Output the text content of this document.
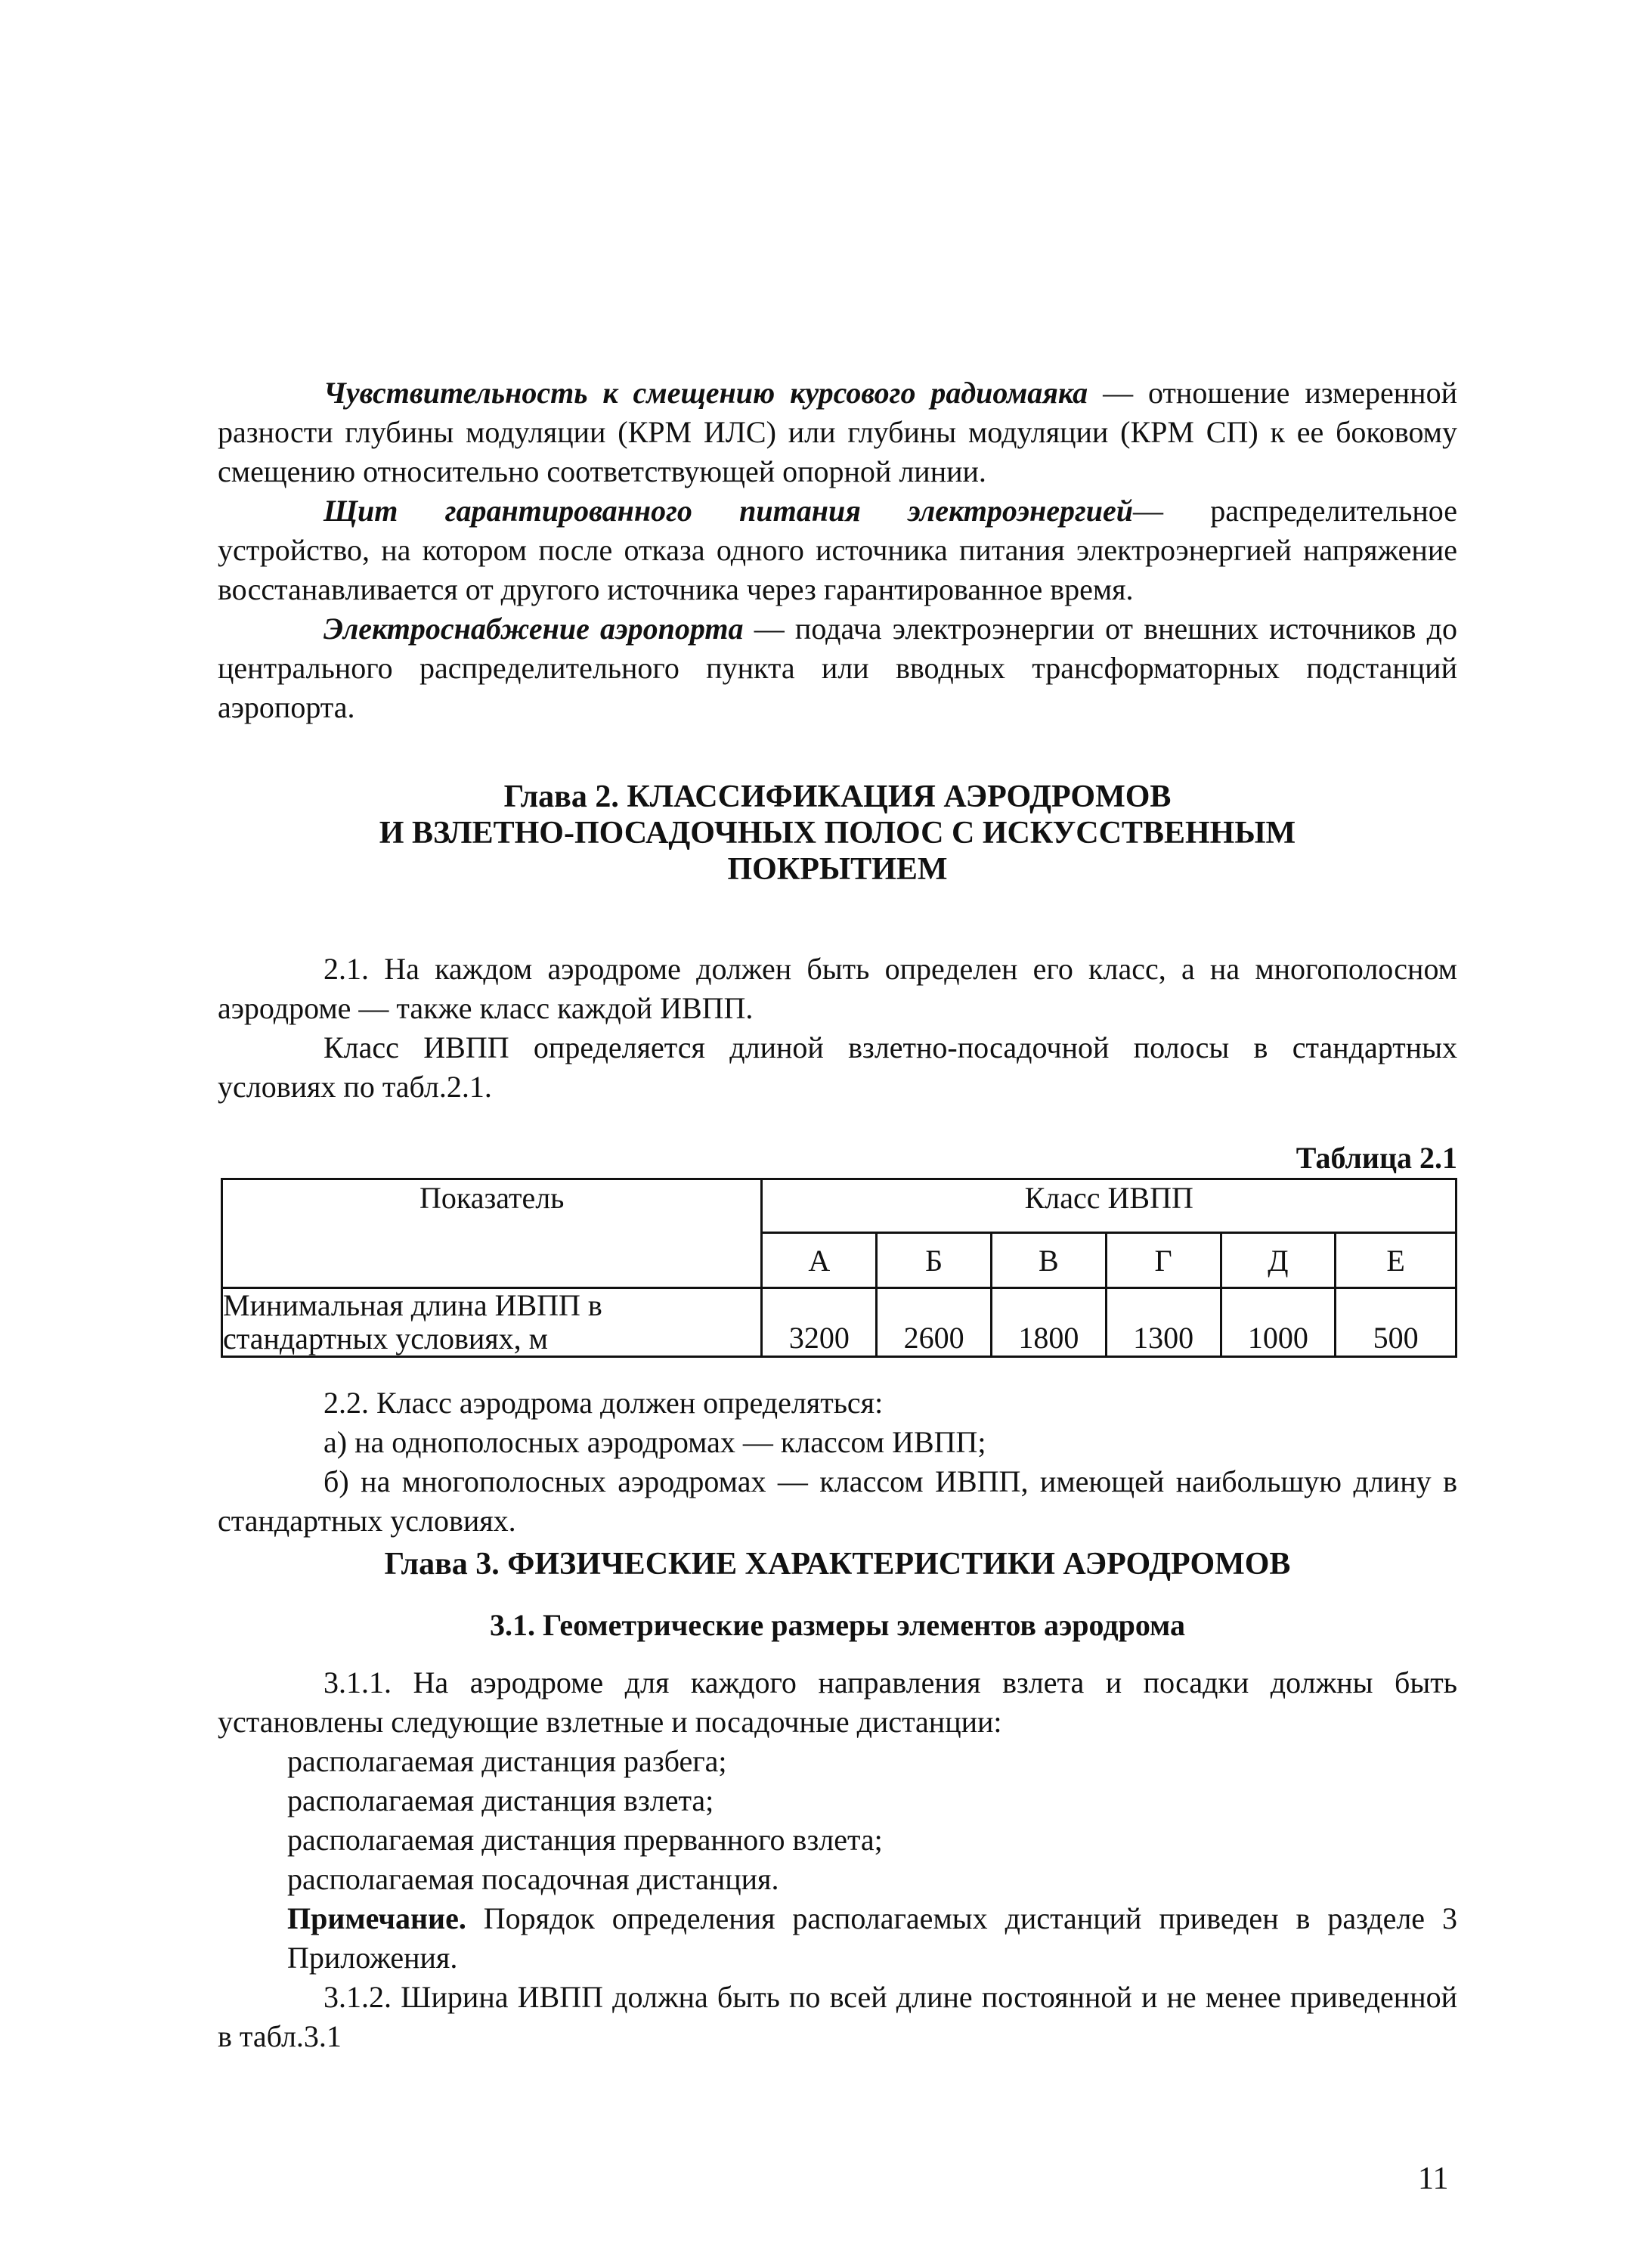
Чувствительность к смещению курсового радиомаяка — отношение измеренной разности глубины модуляции (КРМ ИЛС) или глубины модуляции (КРМ СП) к ее боковому смещению относительно соответствующей опорной линии.

Щит гарантированного питания электроэнергией— распределительное устройство, на котором после отказа одного источника питания электроэнергией напряжение восстанавливается от другого источника через гарантированное время.

Электроснабжение аэропорта — подача электроэнергии от внешних источников до центрального распределительного пункта или вводных трансформаторных подстанций аэропорта.

Глава 2. КЛАССИФИКАЦИЯ АЭРОДРОМОВ
И ВЗЛЕТНО-ПОСАДОЧНЫХ ПОЛОС С ИСКУССТВЕННЫМ
ПОКРЫТИЕМ

2.1. На каждом аэродроме должен быть определен его класс, а на многополосном аэродроме — также класс каждой ИВПП.

Класс ИВПП определяется длиной взлетно-посадочной полосы в стандартных условиях по табл.2.1.

Таблица 2.1
Показатель	Класс ИВПП					
	А	Б	В	Г	Д	Е

Минимальная длина ИВПП в
стандартных условиях, м	3200	2600	1800	1300	1000	500

2.2. Класс аэродрома должен определяться:

а) на однополосных аэродромах — классом ИВПП;

б) на многополосных аэродромах — классом ИВПП, имеющей наибольшую длину в стандартных условиях.

Глава 3. ФИЗИЧЕСКИЕ ХАРАКТЕРИСТИКИ АЭРОДРОМОВ
3.1. Геометрические размеры элементов аэродрома

3.1.1. На аэродроме для каждого направления взлета и посадки должны быть установлены следующие взлетные и посадочные дистанции:

располагаемая дистанция разбега;

располагаемая дистанция взлета;

располагаемая дистанция прерванного взлета;

располагаемая посадочная дистанция.

Примечание. Порядок определения располагаемых дистанций приведен в разделе 3 Приложения.

3.1.2. Ширина ИВПП должна быть по всей длине постоянной и не менее приведенной в табл.3.1

11
